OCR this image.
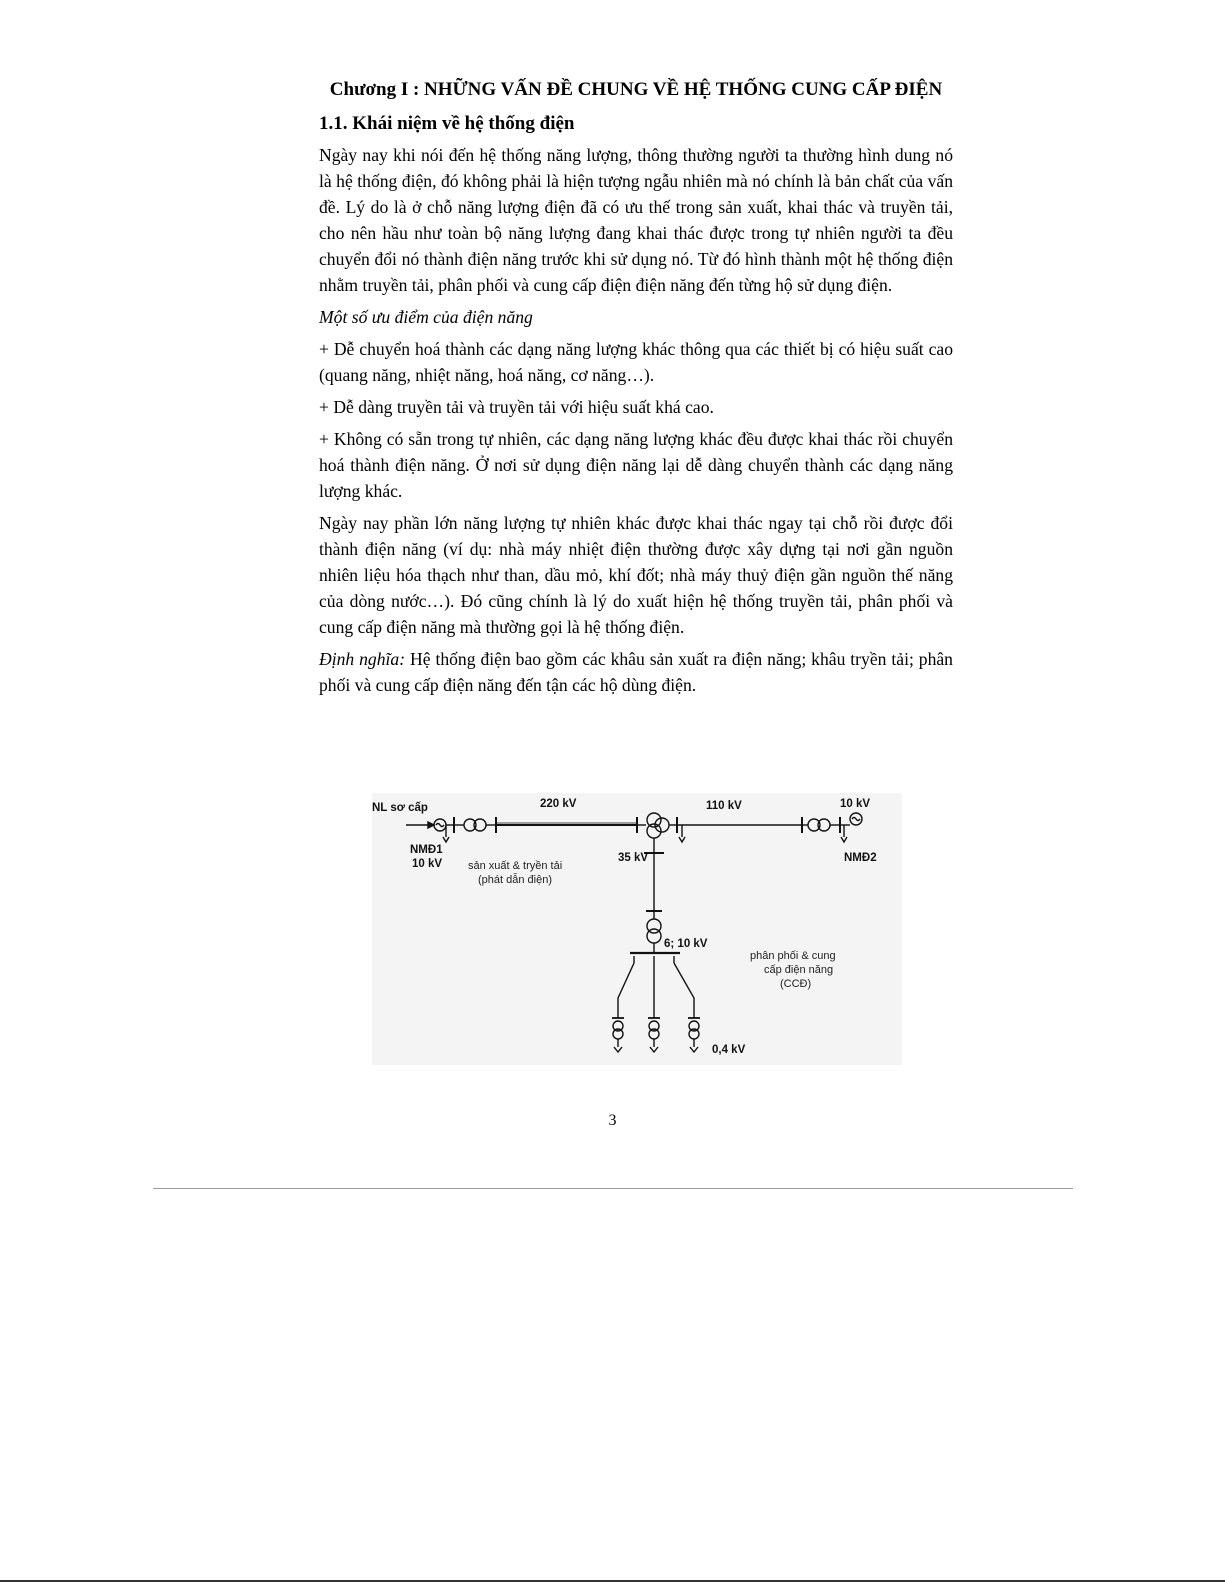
Chương I : NHỮNG VẤN ĐỀ CHUNG VỀ HỆ THỐNG CUNG CẤP ĐIỆN
1.1. Khái niệm về hệ thống điện

Ngày nay khi nói đến hệ thống năng lượng, thông thường người ta thường hình dung nó là hệ thống điện, đó không phải là hiện tượng ngẫu nhiên mà nó chính là bản chất của vấn đề. Lý do là ở chỗ năng lượng điện đã có ưu thế trong sản xuất, khai thác và truyền tải, cho nên hầu như toàn bộ năng lượng đang khai thác được trong tự nhiên người ta đều chuyển đổi nó thành điện năng trước khi sử dụng nó. Từ đó hình thành một hệ thống điện nhằm truyền tải, phân phối và cung cấp điện điện năng đến từng hộ sử dụng điện.

Một số ưu điểm của điện năng

+ Dễ chuyển hoá thành các dạng năng lượng khác thông qua các thiết bị có hiệu suất cao (quang năng, nhiệt năng, hoá năng, cơ năng…).

+ Dễ dàng truyền tải và truyền tải với hiệu suất khá cao.

+ Không có sẵn trong tự nhiên, các dạng năng lượng khác đều được khai thác rồi chuyển hoá thành điện năng. Ở nơi sử dụng điện năng lại dễ dàng chuyển thành các dạng năng lượng khác.

Ngày nay phần lớn năng lượng tự nhiên khác được khai thác ngay tại chỗ rồi được đổi thành điện năng (ví dụ: nhà máy nhiệt điện thường được xây dựng tại nơi gần nguồn nhiên liệu hóa thạch như than, dầu mỏ, khí đốt; nhà máy thuỷ điện gần nguồn thế năng của dòng nước…). Đó cũng chính là lý do xuất hiện hệ thống truyền tải, phân phối và cung cấp điện năng mà thường gọi là hệ thống điện.

Định nghĩa: Hệ thống điện bao gồm các khâu sản xuất ra điện năng; khâu tryền tải; phân phối và cung cấp điện năng đến tận các hộ dùng điện.

NL sơ cấp	220 kV	110 kV	10 kV
NMĐ1
10 kV sản xuất & tryền tải
(phát dẫn điện)
35 kV	NMĐ2
6; 10 kV
phân phối & cung
cấp điện năng
(CCĐ)
0,4 kV
3
